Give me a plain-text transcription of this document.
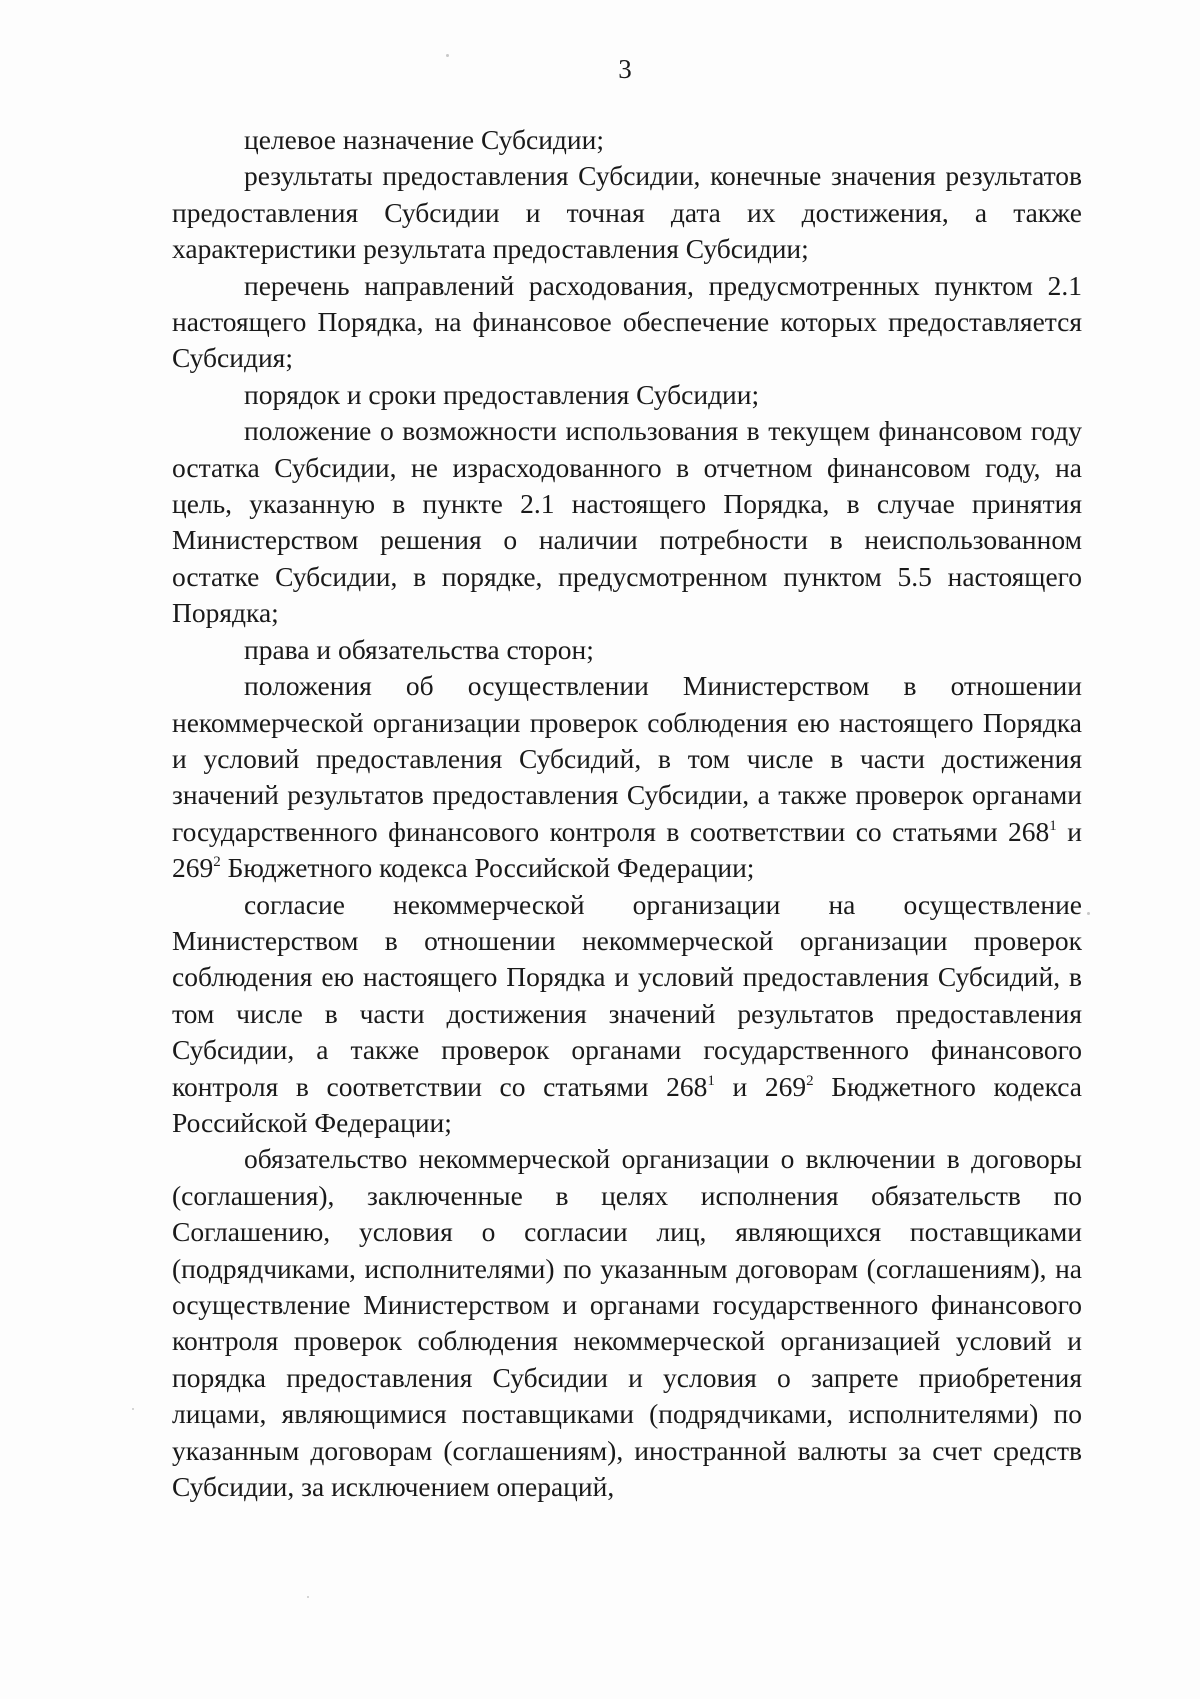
3

целевое назначение Субсидии;

результаты предоставления Субсидии, конечные значения результатов предоставления Субсидии и точная дата их достижения, а также характеристики результата предоставления Субсидии;

перечень направлений расходования, предусмотренных пунктом 2.1 настоящего Порядка, на финансовое обеспечение которых предоставляется Субсидия;

порядок и сроки предоставления Субсидии;

положение о возможности использования в текущем финансовом году остатка Субсидии, не израсходованного в отчетном финансовом году, на цель, указанную в пункте 2.1 настоящего Порядка, в случае принятия Министерством решения о наличии потребности в неиспользованном остатке Субсидии, в порядке, предусмотренном пунктом 5.5 настоящего Порядка;

права и обязательства сторон;

положения об осуществлении Министерством в отношении некоммерческой организации проверок соблюдения ею настоящего Порядка и условий предоставления Субсидий, в том числе в части достижения значений результатов предоставления Субсидии, а также проверок органами государственного финансового контроля в соответствии со статьями $268^1$ и $269^2$ Бюджетного кодекса Российской Федерации;

согласие некоммерческой организации на осуществление Министерством в отношении некоммерческой организации проверок соблюдения ею настоящего Порядка и условий предоставления Субсидий, в том числе в части достижения значений результатов предоставления Субсидии, а также проверок органами государственного финансового контроля в соответствии со статьями $268^1$ и $269^2$ Бюджетного кодекса Российской Федерации;

обязательство некоммерческой организации о включении в договоры (соглашения), заключенные в целях исполнения обязательств по Соглашению, условия о согласии лиц, являющихся поставщиками (подрядчиками, исполнителями) по указанным договорам (соглашениям), на осуществление Министерством и органами государственного финансового контроля проверок соблюдения некоммерческой организацией условий и порядка предоставления Субсидии и условия о запрете приобретения лицами, являющимися поставщиками (подрядчиками, исполнителями) по указанным договорам (соглашениям), иностранной валюты за счет средств Субсидии, за исключением операций,
